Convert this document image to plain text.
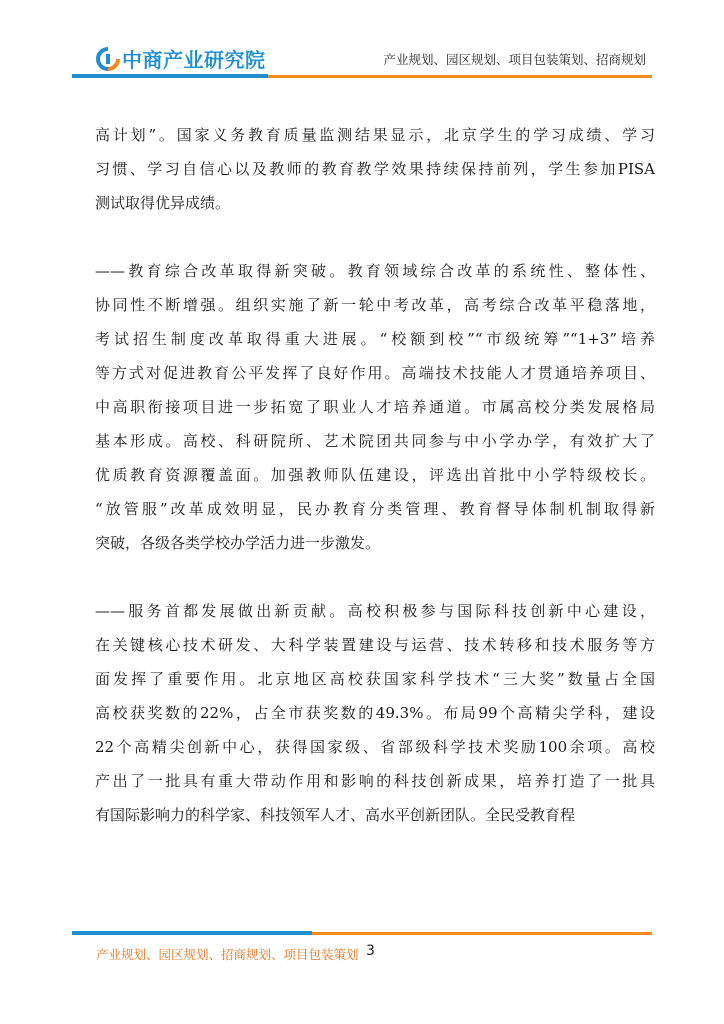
中商产业研究院	产业规划、园区规划、项目包装策划、招商规划
高计划”。国家义务教育质量监测结果显示，北京学生的学习成绩、学习
习惯、学习自信心以及教师的教育教学效果持续保持前列，学生参加PISA
测试取得优异成绩。
——教育综合改革取得新突破。教育领域综合改革的系统性、整体性、
协同性不断增强。组织实施了新一轮中考改革，高考综合改革平稳落地，
考试招生制度改革取得重大进展。“校额到校”“市级统筹”“1+3”培养
等方式对促进教育公平发挥了良好作用。高端技术技能人才贯通培养项目、
中高职衔接项目进一步拓宽了职业人才培养通道。市属高校分类发展格局
基本形成。高校、科研院所、艺术院团共同参与中小学办学，有效扩大了
优质教育资源覆盖面。加强教师队伍建设，评选出首批中小学特级校长。
“放管服”改革成效明显，民办教育分类管理、教育督导体制机制取得新
突破，各级各类学校办学活力进一步激发。
——服务首都发展做出新贡献。高校积极参与国际科技创新中心建设，
在关键核心技术研发、大科学装置建设与运营、技术转移和技术服务等方
面发挥了重要作用。北京地区高校获国家科学技术“三大奖”数量占全国
高校获奖数的22%，占全市获奖数的49.3%。布局99个高精尖学科，建设
22个高精尖创新中心，获得国家级、省部级科学技术奖励100余项。高校
产出了一批具有重大带动作用和影响的科技创新成果，培养打造了一批具
有国际影响力的科学家、科技领军人才、高水平创新团队。全民受教育程
产业规划、园区规划、招商规划、项目包装策划 3
